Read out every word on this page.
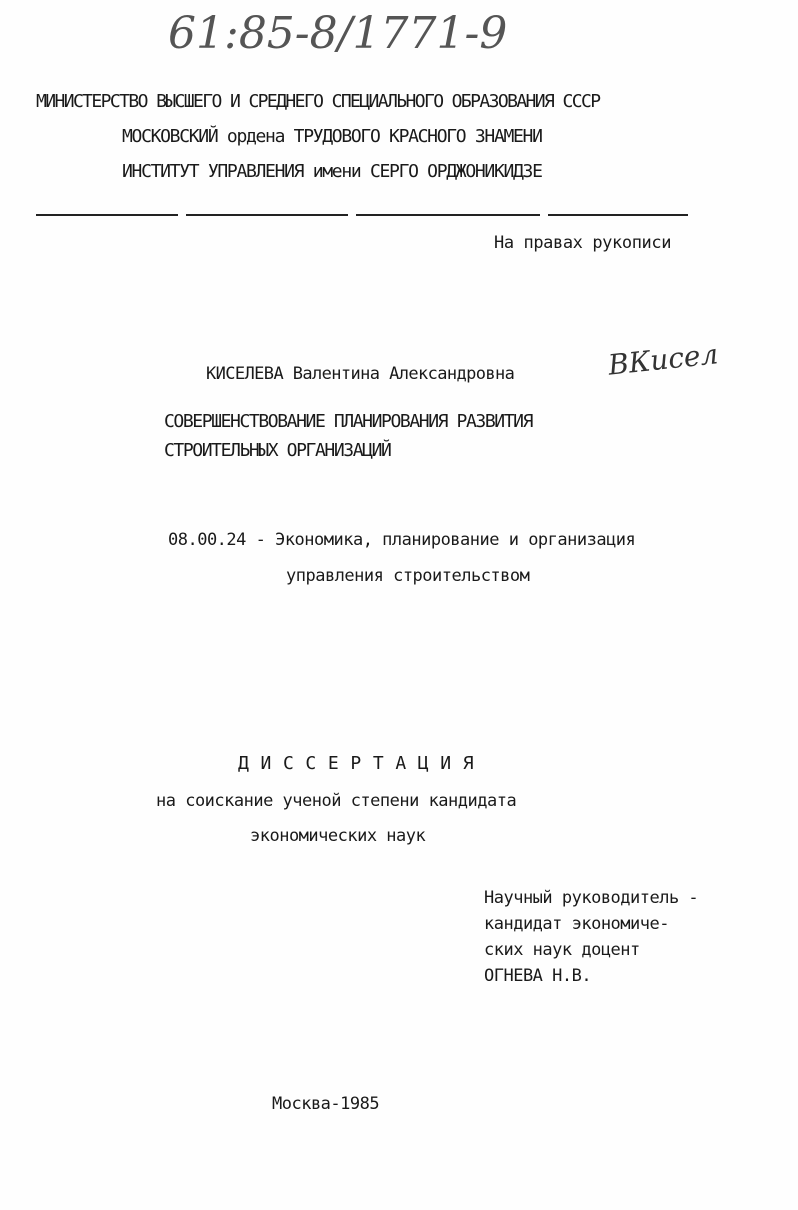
61:85-8/1771-9
МИНИСТЕРСТВО ВЫСШЕГО И СРЕДНЕГО СПЕЦИАЛЬНОГО ОБРАЗОВАНИЯ СССР
МОСКОВСКИЙ ордена ТРУДОВОГО КРАСНОГО ЗНАМЕНИ
ИНСТИТУТ УПРАВЛЕНИЯ имени СЕРГО ОРДЖОНИКИДЗЕ
На правах рукописи
КИСЕЛЕВА Валентина Александровна	ВКисел
СОВЕРШЕНСТВОВАНИЕ ПЛАНИРОВАНИЯ РАЗВИТИЯ
СТРОИТЕЛЬНЫХ ОРГАНИЗАЦИЙ
08.00.24 - Экономика, планирование и организация
управления строительством
Д И С С Е Р Т А Ц И Я
на соискание ученой степени кандидата
экономических наук
Научный руководитель -
кандидат экономиче-
ских наук доцент
ОГНЕВА Н.В.
Москва-1985
